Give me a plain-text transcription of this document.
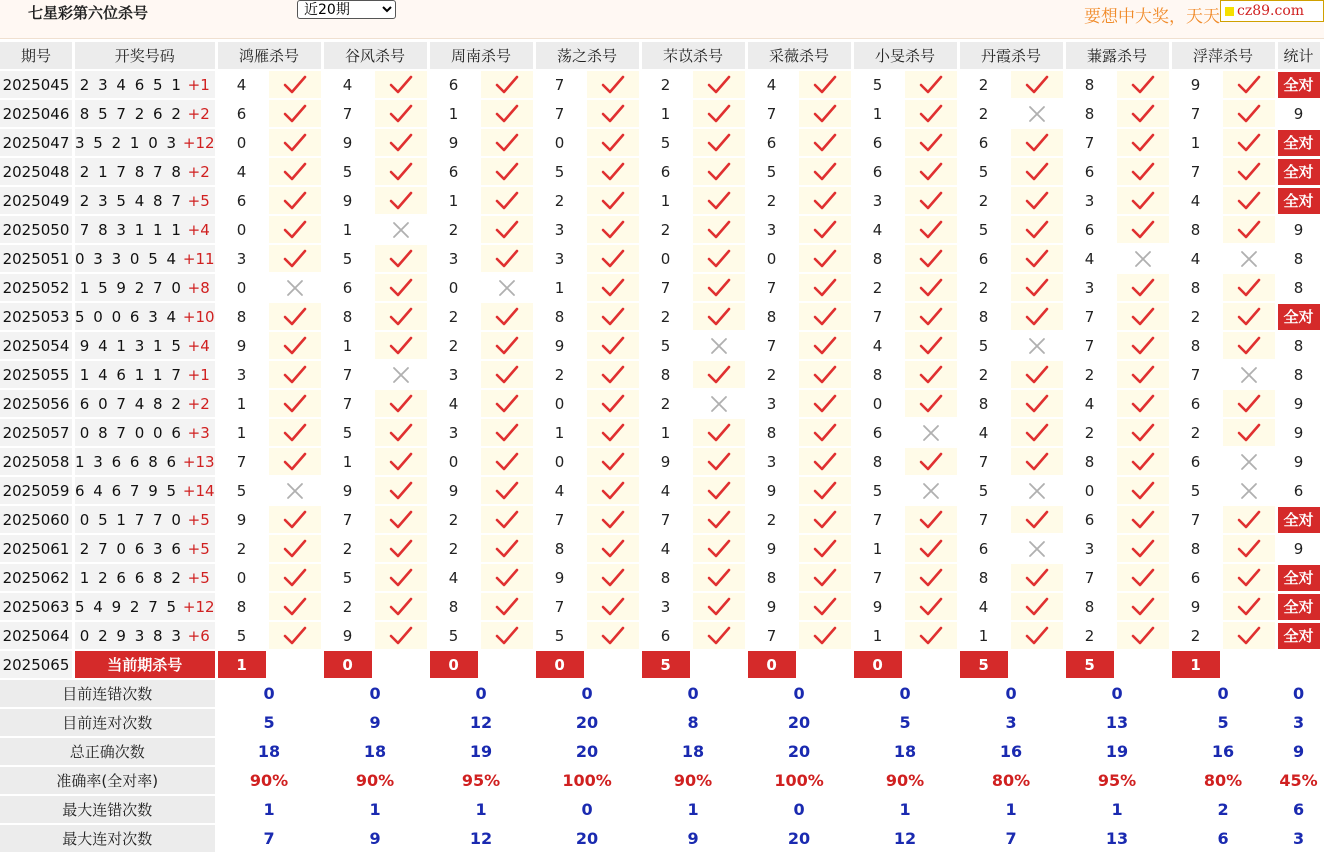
七星彩第六位杀号
近20期	要想中大奖，天天	cz89.com
期号	开奖号码	鸿雁杀号		谷风杀号		周南杀号		荡之杀号		芣苡杀号		采薇杀号		小旻杀号		丹霞杀号		蒹露杀号		浮萍杀号		统计
2025045	2 3 4 6 5 1 +1	4		4		6		7		2		4		5		2		8		9		全对
2025046	8 5 7 2 6 2 +2	6		7		1		7		1		7		1		2		8		7		9
2025047	3 5 2 1 0 3 +12	0		9		9		0		5		6		6		6		7		1		全对
2025048	2 1 7 8 7 8 +2	4		5		6		5		6		5		6		5		6		7		全对
2025049	2 3 5 4 8 7 +5	6		9		1		2		1		2		3		2		3		4		全对
2025050	7 8 3 1 1 1 +4	0		1		2		3		2		3		4		5		6		8		9
2025051	0 3 3 0 5 4 +11	3		5		3		3		0		0		8		6		4		4		8
2025052	1 5 9 2 7 0 +8	0		6		0		1		7		7		2		2		3		8		8
2025053	5 0 0 6 3 4 +10	8		8		2		8		2		8		7		8		7		2		全对
2025054	9 4 1 3 1 5 +4	9		1		2		9		5		7		4		5		7		8		8
2025055	1 4 6 1 1 7 +1	3		7		3		2		8		2		8		2		2		7		8
2025056	6 0 7 4 8 2 +2	1		7		4		0		2		3		0		8		4		6		9
2025057	0 8 7 0 0 6 +3	1		5		3		1		1		8		6		4		2		2		9
2025058	1 3 6 6 8 6 +13	7		1		0		0		9		3		8		7		8		6		9
2025059	6 4 6 7 9 5 +14	5		9		9		4		4		9		5		5		0		5		6
2025060	0 5 1 7 7 0 +5	9		7		2		7		7		2		7		7		6		7		全对
2025061	2 7 0 6 3 6 +5	2		2		2		8		4		9		1		6		3		8		9
2025062	1 2 6 6 8 2 +5	0		5		4		9		8		8		7		8		7		6		全对
2025063	5 4 9 2 7 5 +12	8		2		8		7		3		9		9		4		8		9		全对
2025064	0 2 9 3 8 3 +6	5		9		5		5		6		7		1		1		2		2		全对
2025065	当前期杀号	1		0		0		0		5		0		0		5		5		1		
目前连错次数		0		0		0		0		0		0		0		0		0		0		0
目前连对次数		5		9		12		20		8		20		5		3		13		5		3
总正确次数		18		18		19		20		18		20		18		16		19		16		9
准确率(全对率)		90%		90%		95%		100%		90%		100%		90%		80%		95%		80%		45%
最大连错次数		1		1		1		0		1		0		1		1		1		2		6
最大连对次数		7		9		12		20		9		20		12		7		13		6		3
